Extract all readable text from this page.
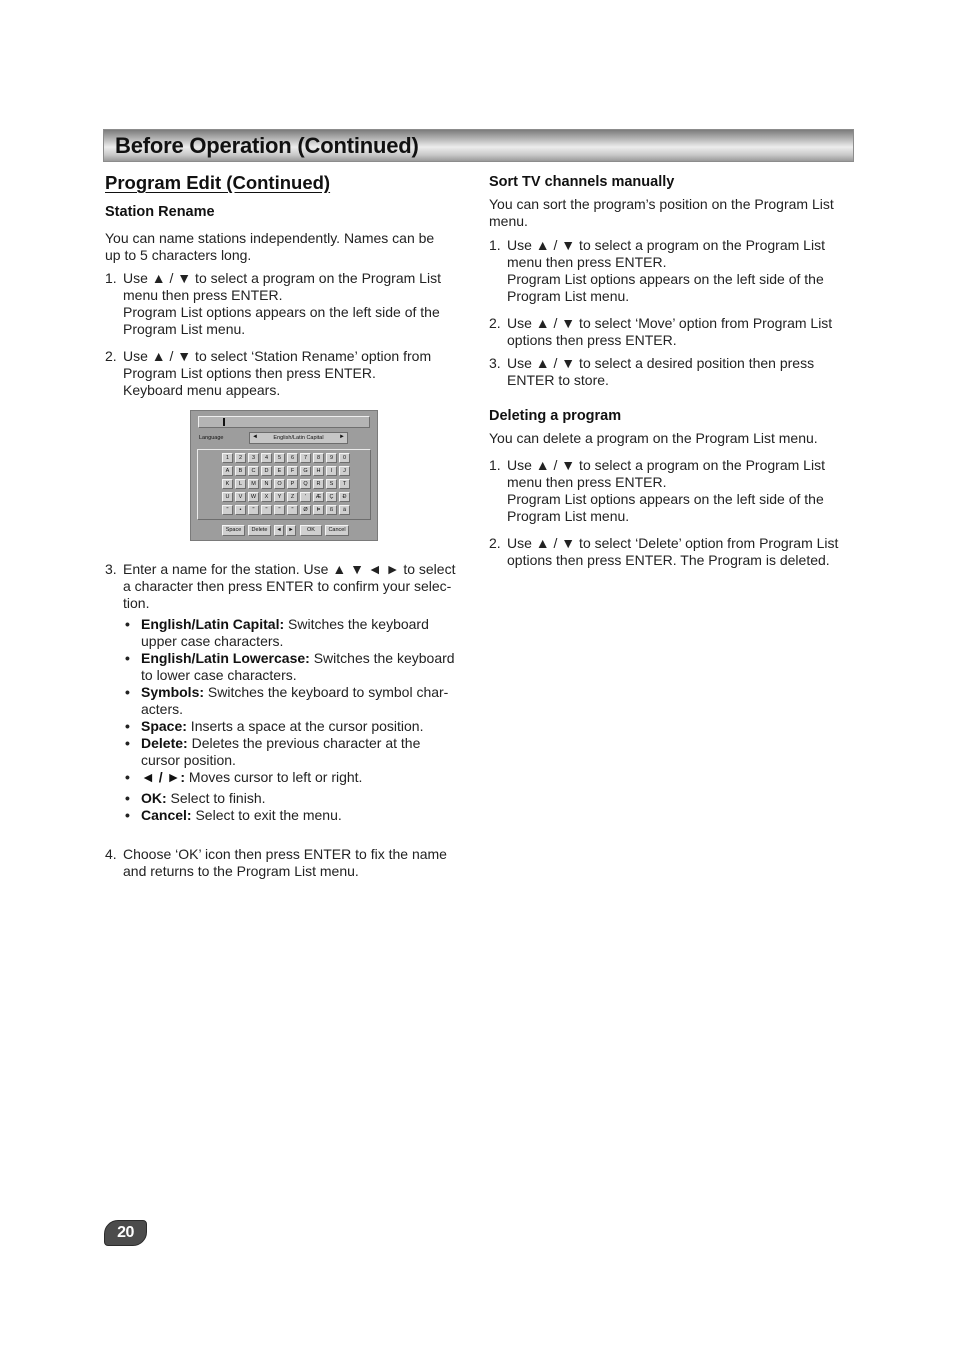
Before Operation (Continued)
Program Edit (Continued)
Station Rename
You can name stations independently. Names can be
up to 5 characters long.
1. Use ▲ / ▼ to select a program on the Program List
menu then press ENTER.
Program List options appears on the left side of the
Program List menu.
2. Use ▲ / ▼ to select ‘Station Rename’ option from
Program List options then press ENTER.
Keyboard menu appears.
Language	◄	English/Latin Capital	►
1	2	3	4	5	6	7	8	9	0
A	B	C	D	E	F	G	H	I	J
K	L	M	N	O	P	Q	R	S	T
U	V	W	X	Y	Z	'	Æ	Ç	Ð
"	•	"	"	"	"	Ø	Þ	ß	ä
Space	Delete	◄	►	OK	Cancel
3. Enter a name for the station. Use ▲ ▼ ◄ ► to select
a character then press ENTER to confirm your selec-
tion.
• English/Latin Capital: Switches the keyboard
upper case characters.
• English/Latin Lowercase: Switches the keyboard
to lower case characters.
• Symbols: Switches the keyboard to symbol char-
acters.
• Space: Inserts a space at the cursor position.
• Delete: Deletes the previous character at the
cursor position.
• ◄ / ►: Moves cursor to left or right.
• OK: Select to finish.
• Cancel: Select to exit the menu.
4. Choose ‘OK’ icon then press ENTER to fix the name
and returns to the Program List menu.
Sort TV channels manually
You can sort the program’s position on the Program List
menu.
1. Use ▲ / ▼ to select a program on the Program List
menu then press ENTER.
Program List options appears on the left side of the
Program List menu.
2. Use ▲ / ▼ to select ‘Move’ option from Program List
options then press ENTER.
3. Use ▲ / ▼ to select a desired position then press
ENTER to store.
Deleting a program
You can delete a program on the Program List menu.
1. Use ▲ / ▼ to select a program on the Program List
menu then press ENTER.
Program List options appears on the left side of the
Program List menu.
2. Use ▲ / ▼ to select ‘Delete’ option from Program List
options then press ENTER. The Program is deleted.
20
